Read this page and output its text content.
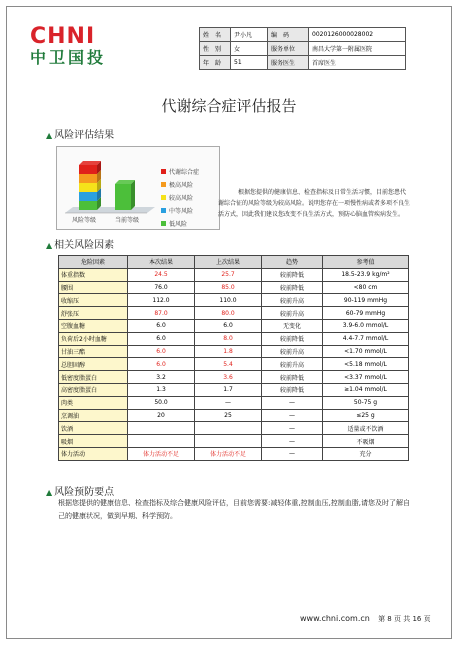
CHNI
中卫国投
姓　名	尹小凡	编　码	0020126000028002
性　别	女	服务单位	南昌大学第一附属医院
年　龄	51	服务医生	首席医生
代谢综合症评估报告
▲ 风险评估结果
风险等级	当前等级
代谢综合症
极高风险
较高风险
中等风险
低风险
根据您提供的健康信息、检查指标及日常生活习惯，目前您患代谢综合征的风险等级为较高风险。说明您存在一项慢性病或者多项不良生活方式，因此我们建议您改变不良生活方式，预防心脑血管疾病发生。
▲ 相关风险因素
危险因素	本次结果	上次结果	趋势	参考值
体重指数	24.5	25.7	较前降低	18.5-23.9 kg/m²
腰围	76.0	85.0	较前降低	<80 cm
收缩压	112.0	110.0	较前升高	90-119 mmHg
舒张压	87.0	80.0	较前升高	60-79 mmHg
空腹血糖	6.0	6.0	无变化	3.9-6.0 mmol/L
负荷后2小时血糖	6.0	8.0	较前降低	4.4-7.7 mmol/L
甘油三酯	6.0	1.8	较前升高	<1.70 mmol/L
总胆固醇	6.0	5.4	较前升高	<5.18 mmol/L
低密度脂蛋白	3.2	3.6	较前降低	<3.37 mmol/L
高密度脂蛋白	1.3	1.7	较前降低	≥1.04 mmol/L
肉类	50.0	—	—	50-75 g
烹调油	20	25	—	≤25 g
饮酒			—	适量或不饮酒
吸烟			—	不吸烟
体力活动	体力活动不足	体力活动不足	—	充分
▲ 风险预防要点
根据您提供的健康信息、检查指标及综合健康风险评估，目前您需要:减轻体重,控制血压,控制血脂,请您及时了解自己的健康状况，做到早期、科学预防。
www.chni.com.cn 第 8 页 共 16 页
